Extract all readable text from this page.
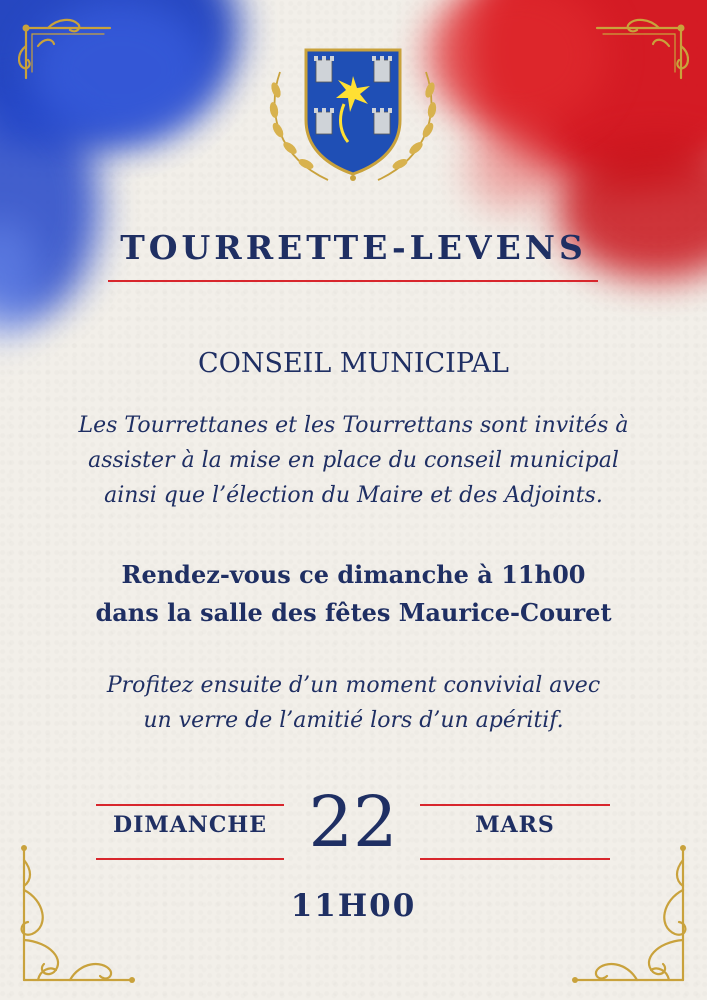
TOURRETTE-LEVENS
CONSEIL MUNICIPAL
Les Tourrettanes et les Tourrettans sont invités à
assister à la mise en place du conseil municipal
ainsi que l’élection du Maire et des Adjoints.
Rendez-vous ce dimanche à 11h00
dans la salle des fêtes Maurice-Couret
Profitez ensuite d’un moment convivial avec
un verre de l’amitié lors d’un apéritif.
DIMANCHE 22	MARS
11H00
